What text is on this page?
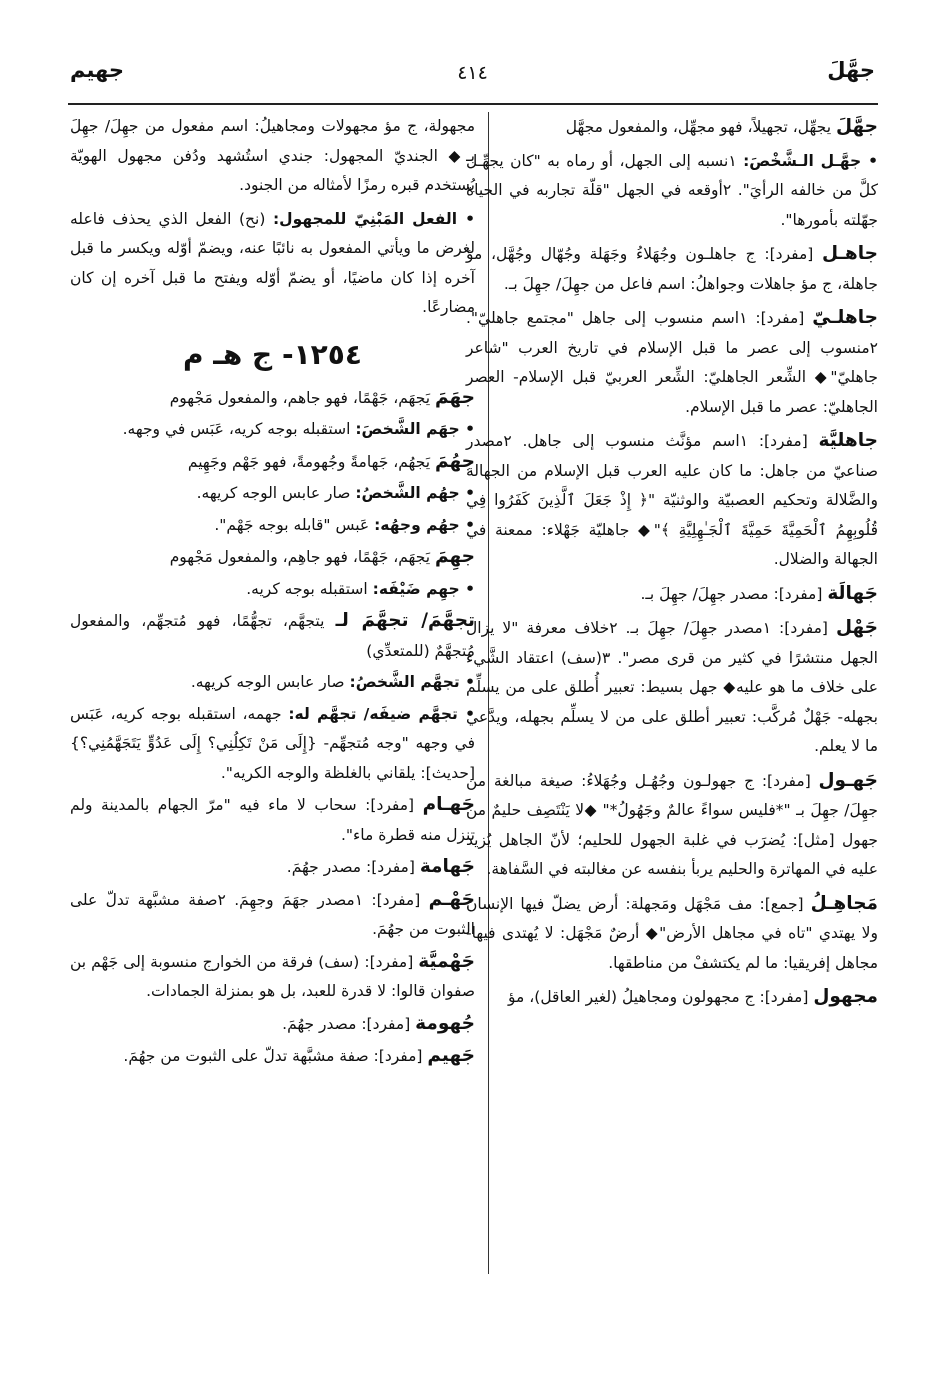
جهَّلَ
٤١٤
جهيم

جهَّلَ يجهِّل، تجهيلاً، فهو مجهِّل، والمفعول مجهَّل

• جهَّـل الـشَّخْصَ: ١نسبه إلى الجهل، أو رماه به "كان يجهِّـل كلَّ من خالفه الرأيَ". ٢أوقعه في الجهل "قلّة تجاربه في الحياة جهّلته بأمورها".

جاهـل [مفرد]: ج جاهلـون وجُهَلاءُ وجَهَلة وجُهّال وجُهَّل، مؤ جاهلة، ج مؤ جاهلات وجواهلُ: اسم فاعل من جهِلَ/ جهِلَ بـ.

جاهلـيّ [مفرد]: ١اسم منسوب إلى جاهل "مجتمع جاهليّ". ٢منسوب إلى عصر ما قبل الإسلام في تاريخ العرب "شاعر جاهليّ"◆ الشِّعر الجاهليّ: الشِّعر العربيّ قبل الإسلام- العصر الجاهليّ: عصر ما قبل الإسلام.

جاهليَّة [مفرد]: ١اسم مؤنَّث منسوب إلى جاهل. ٢مصدر صناعيّ من جاهل: ما كان عليه العرب قبل الإسلام من الجهالة والضَّلالة وتحكيم العصبيّة والوثنيّة "﴿ إِذْ جَعَلَ ٱلَّذِينَ كَفَرُوا فِي قُلُوبِهِمُ ٱلْحَمِيَّةَ حَمِيَّةَ ٱلْجَـٰهِلِيَّةِ ﴾"◆ جاهليّة جَهْلاء: ممعنة في الجهالة والضلال.

جَهالَة [مفرد]: مصدر جهِلَ/ جهِلَ بـ.

جَهْل [مفرد]: ١مصدر جهِلَ/ جهِلَ بـ. ٢خلاف معرفة "لا يزال الجهل منتشرًا في كثير من قرى مصر". ٣(سف) اعتقاد الشَّيء على خلاف ما هو عليه◆ جهل بسيط: تعبير أُطلق على من يسلِّم بجهله- جَهْلٌ مُركَّب: تعبير أطلق على من لا يسلِّم بجهله، ويدَّعي ما لا يعلم.

جَهـول [مفرد]: ج جهولـون وجُهُـل وجُهَلاءُ: صيغة مبالغة من جهِلَ/ جهِلَ بـ "*فليس سواءً عالمٌ وجَهُولُ*" ◆لا يَنْتَصِف حليمٌ من جهول [مثل]: يُضرَب في غلبة الجهول للحليم؛ لأنّ الجاهل يُزيد عليه في المهاترة والحليم يربأ بنفسه عن مغالبته في السَّفاهة.

مَجاهِـلُ [جمع]: مف مَجْهَل ومَجهلة: أرض يضلّ فيها الإنسان ولا يهتدي "تاه في مجاهل الأرض"◆ أرضٌ مَجْهَل: لا يُهتدى فيها- مجاهل إفريقيا: ما لم يكتشفْ من مناطقها.

مجهول [مفرد]: ج مجهولون ومجاهيلُ (لغير العاقل)، مؤ

مجهولة، ج مؤ مجهولات ومجاهيلُ: اسم مفعول من جهِلَ/ جهِلَ بـ◆ الجنديّ المجهول: جندي استُشهد ودُفن مجهول الهويّة يُستخدم قبره رمزًا لأمثاله من الجنود.

• الفعل المَبْنِيّ للمجهول: (نح) الفعل الذي يحذف فاعله لغرض ما ويأتي المفعول به نائبًا عنه، ويضمّ أوّله ويكسر ما قبل آخره إذا كان ماضيًا، أو يضمّ أوّله ويفتح ما قبل آخره إن كان مضارعًا.

١٢٥٤- ج هـ م

جهَمَ يَجهَم، جَهْمًا، فهو جاهم، والمفعول مَجْهوم

• جهَم الشَّخصَ: استقبله بوجه كريه، عَبَس في وجهه.

جهُمَ يَجهُم، جَهامةً وجُهومةً، فهو جَهْم وجَهِيم

• جهُم الشَّخصُ: صار عابس الوجه كريهه.

• جهُم وجهُه: عَبس "قابله بوجه جَهْم".

جهِمَ يَجهَم، جَهْمًا، فهو جاهِم، والمفعول مَجْهوم

• جهِم ضَيْفَه: استقبله بوجه كريه.

تجهَّمَ/ تجهَّمَ لـ يتجهَّم، تجهُّمًا، فهو مُتجهِّم، والمفعول مُتجهَّمٌ (للمتعدِّي)

• تجهَّم الشَّخصُ: صار عابس الوجه كريهه.

• تجهَّم ضيفَه/ تجهَّم له: جهمه، استقبله بوجه كريه، عَبَس في وجهه "وجه مُتجهِّم- {إِلَى مَنْ تَكِلُنِي؟ إِلَى عَدُوٍّ يَتَجَهَّمُنِي؟} [حديث]: يلقاني بالغلظة والوجه الكريه".

جَهـام [مفرد]: سحاب لا ماء فيه "مرّ الجهام بالمدينة ولم تنزل منه قطرة ماء".

جَهامة [مفرد]: مصدر جهُمَ.

جَهْـم [مفرد]: ١مصدر جهَمَ وجهِمَ. ٢صفة مشبَّهة تدلّ على الثبوت من جهُمَ.

جَهْميَّة [مفرد]: (سف) فرقة من الخوارج منسوبة إلى جَهْم بن صفوان قالوا: لا قدرة للعبد، بل هو بمنزلة الجمادات.

جُهومة [مفرد]: مصدر جهُمَ.

جَهيم [مفرد]: صفة مشبَّهة تدلّ على الثبوت من جهُمَ.
